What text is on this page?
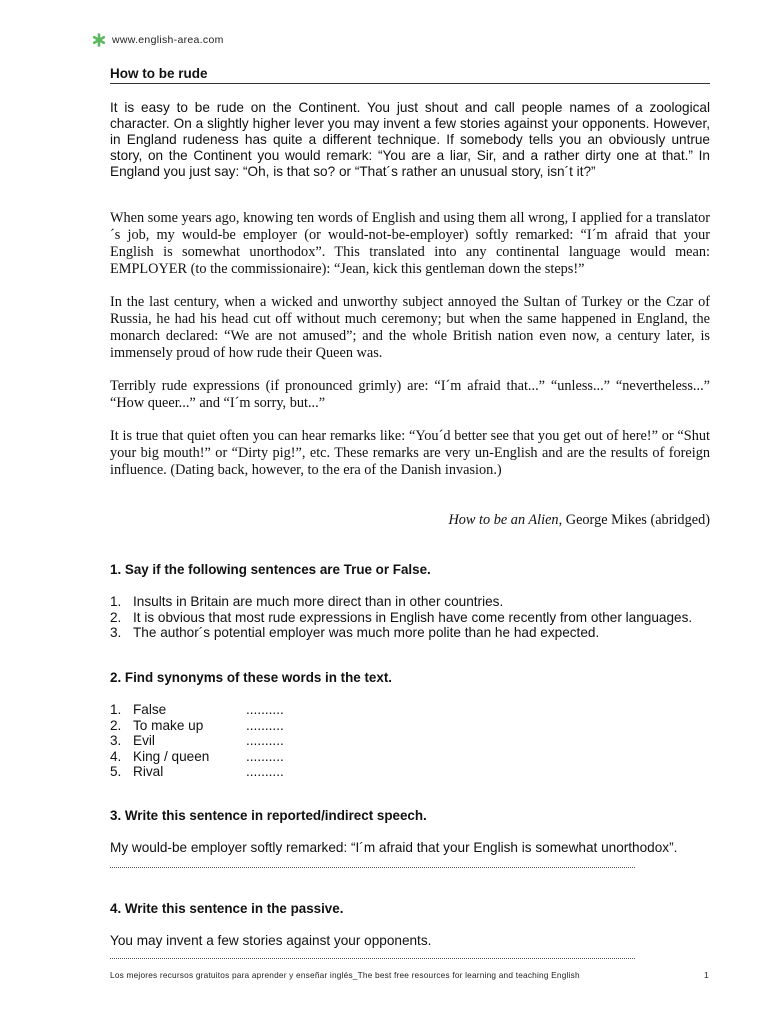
www.english-area.com
How to be rude
It is easy to be rude on the Continent. You just shout and call people names of a zoological character. On a slightly higher lever you may invent a few stories against your opponents. However, in England rudeness has quite a different technique. If somebody tells you an obviously untrue story, on the Continent you would remark: “You are a liar, Sir, and a rather dirty one at that.” In England you just say: “Oh, is that so? or “That´s rather an unusual story, isn´t it?”
When some years ago, knowing ten words of English and using them all wrong, I applied for a translator´s job, my would-be employer (or would-not-be-employer) softly remarked: “I´m afraid that your English is somewhat unorthodox”. This translated into any continental language would mean: EMPLOYER (to the commissionaire): “Jean, kick this gentleman down the steps!”
In the last century, when a wicked and unworthy subject annoyed the Sultan of Turkey or the Czar of Russia, he had his head cut off without much ceremony; but when the same happened in England, the monarch declared: “We are not amused”; and the whole British nation even now, a century later, is immensely proud of how rude their Queen was.
Terribly rude expressions (if pronounced grimly) are: “I´m afraid that...” “unless...” “nevertheless...” “How queer...” and “I´m sorry, but...”
It is true that quiet often you can hear remarks like: “You´d better see that you get out of here!” or “Shut your big mouth!” or “Dirty pig!”, etc. These remarks are very un-English and are the results of foreign influence. (Dating back, however, to the era of the Danish invasion.)
How to be an Alien, George Mikes (abridged)
1. Say if the following sentences are True or False.
1. Insults in Britain are much more direct than in other countries.
2. It is obvious that most rude expressions in English have come recently from other languages.
3. The author´s potential employer was much more polite than he had expected.
2. Find synonyms of these words in the text.
1. False	..........
2. To make up	..........
3. Evil	..........
4. King / queen	..........
5. Rival	..........
3. Write this sentence in reported/indirect speech.
My would-be employer softly remarked: “I´m afraid that your English is somewhat unorthodox”.
4. Write this sentence in the passive.
You may invent a few stories against your opponents.
Los mejores recursos gratuitos para aprender y enseñar inglés_The best free resources for learning and teaching English	1
